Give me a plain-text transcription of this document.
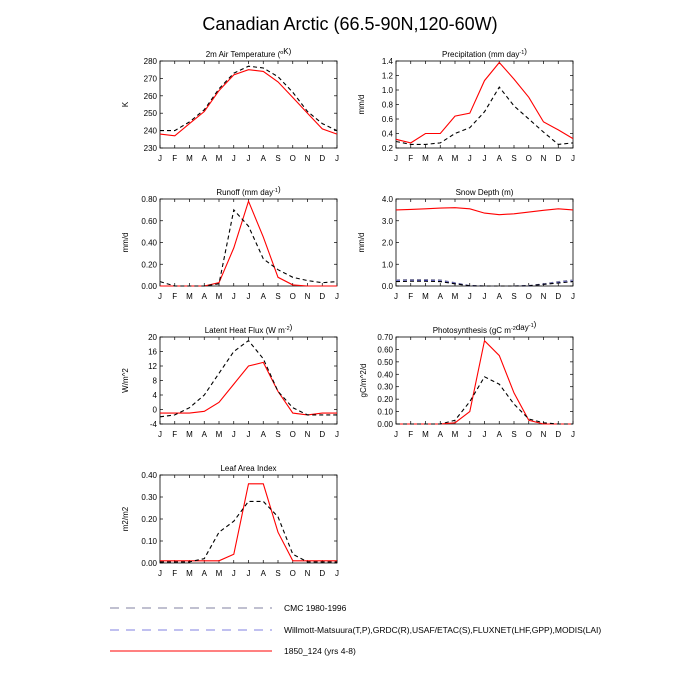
Canadian Arctic (66.5-90N,120-60W)
J F M A M J J A S O N D J
230
240
250
260
270
280
2m Air Temperature ($^o$K)
K
J F M A M J J A S O N D J
0.2
0.4
0.6
0.8
1.0
1.2
1.4
Precipitation (mm day$^{-1}$)
mm/d
J F M A M J J A S O N D J
0.00
0.20
0.40
0.60
0.80
Runoff (mm day$^{-1}$)
mm/d
J F M A M J J A S O N D J
0.0
1.0
2.0
3.0
4.0
Snow Depth (m)
mm/d
J F M A M J J A S O N D J
-4
0
4
8
12
16
20
Latent Heat Flux (W $m^{-2}$)
W/m^2
J F M A M J J A S O N D J
0.00
0.10
0.20
0.30
0.40
0.50
0.60
0.70
Photosynthesis (gC $m^{-2}day^{-1}$)
gC/m^2/d
J F M A M J J A S O N D J
0.00
0.10
0.20
0.30
0.40
Leaf Area Index
m2/m2
CMC 1980-1996
Willmott-Matsuura(T,P),GRDC(R),USAF/ETAC(S),FLUXNET(LHF,GPP),MODIS(LAI)
1850_124 (yrs 4-8)
